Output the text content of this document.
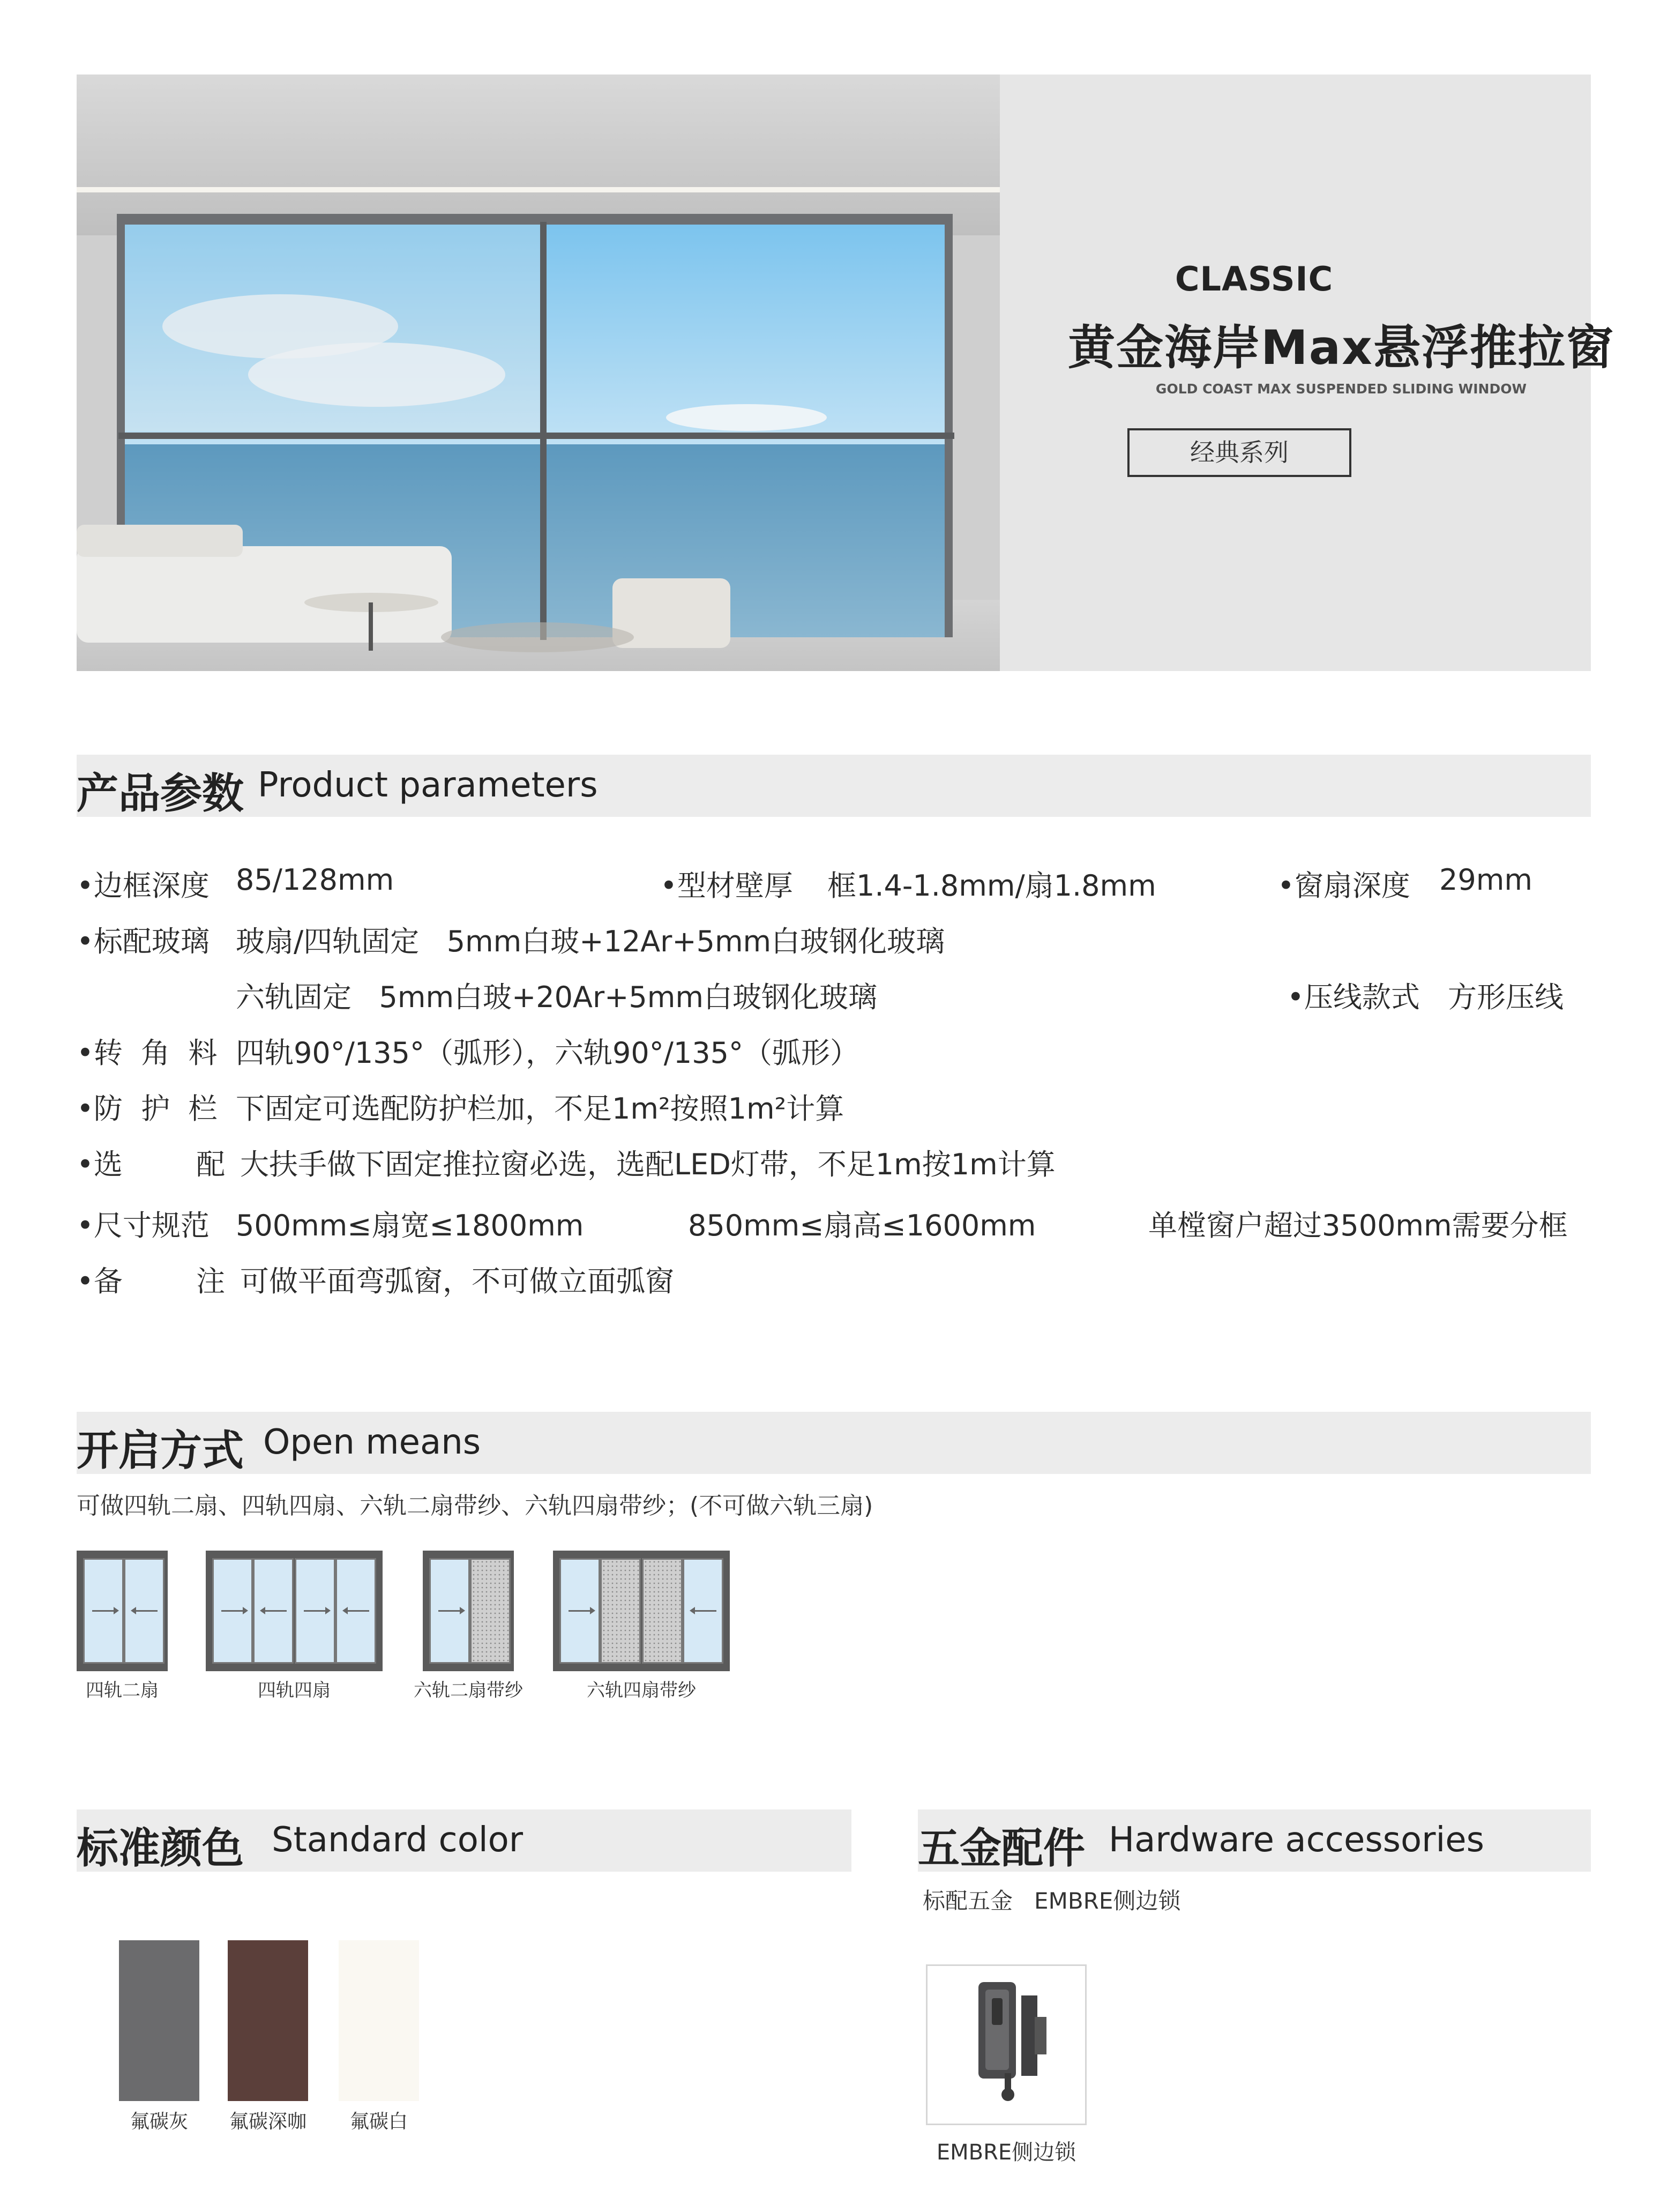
CLASSIC
黄金海岸Max悬浮推拉窗
GOLD COAST MAX SUSPENDED SLIDING WINDOW
经典系列
产品参数 Product parameters
•边框深度 85/128mm	•型材壁厚 框1.4-1.8mm/扇1.8mm	•窗扇深度 29mm
•标配玻璃 玻扇/四轨固定   5mm白玻+12Ar+5mm白玻钢化玻璃
六轨固定   5mm白玻+20Ar+5mm白玻钢化玻璃	•压线款式 方形压线
•转  角  料 四轨90°/135°（弧形），六轨90°/135°（弧形）
•防  护  栏 下固定可选配防护栏加，不足1m²按照1m²计算
•选        配 大扶手做下固定推拉窗必选，选配LED灯带，不足1m按1m计算
•尺寸规范 500mm≤扇宽≤1800mm	850mm≤扇高≤1600mm	单樘窗户超过3500mm需要分框
•备        注 可做平面弯弧窗，不可做立面弧窗
开启方式 Open means
可做四轨二扇、四轨四扇、六轨二扇带纱、六轨四扇带纱；(不可做六轨三扇)
四轨二扇	四轨四扇	六轨二扇带纱	六轨四扇带纱
标准颜色 Standard color
氟碳灰	氟碳深咖	氟碳白
五金配件 Hardware accessories
标配五金   EMBRE侧边锁
EMBRE侧边锁
